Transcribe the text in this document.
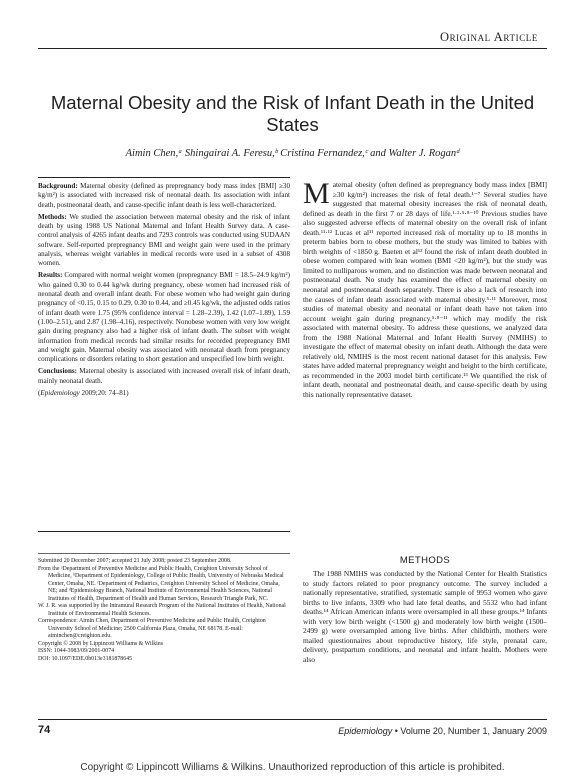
Original Article
Maternal Obesity and the Risk of Infant Death in the United States
Aimin Chen,ᵃ Shingairai A. Feresu,ᵇ Cristina Fernandez,ᶜ and Walter J. Roganᵈ

Background: Maternal obesity (defined as prepregnancy body mass index [BMI] ≥30 kg/m²) is associated with increased risk of neonatal death. Its association with infant death, postneonatal death, and cause-specific infant death is less well-characterized.

Methods: We studied the association between maternal obesity and the risk of infant death by using 1988 US National Maternal and Infant Health Survey data. A case-control analysis of 4265 infant deaths and 7293 controls was conducted using SUDAAN software. Self-reported prepregnancy BMI and weight gain were used in the primary analysis, whereas weight variables in medical records were used in a subset of 4308 women.

Results: Compared with normal weight women (prepregnancy BMI = 18.5–24.9 kg/m²) who gained 0.30 to 0.44 kg/wk during pregnancy, obese women had increased risk of neonatal death and overall infant death. For obese women who had weight gain during pregnancy of <0.15, 0.15 to 0.29, 0.30 to 0.44, and ≥0.45 kg/wk, the adjusted odds ratios of infant death were 1.75 (95% confidence interval = 1.28–2.39), 1.42 (1.07–1.89), 1.59 (1.00–2.51), and 2.87 (1.98–4.16), respectively. Nonobese women with very low weight gain during pregnancy also had a higher risk of infant death. The subset with weight information from medical records had similar results for recorded prepregnancy BMI and weight gain. Maternal obesity was associated with neonatal death from pregnancy complications or disorders relating to short gestation and unspecified low birth weight.

Conclusions: Maternal obesity is associated with increased overall risk of infant death, mainly neonatal death.

(Epidemiology 2009;20: 74–81)

Maternal obesity (often defined as prepregnancy body mass index [BMI] ≥30 kg/m²) increases the risk of fetal death.¹⁻⁷ Several studies have suggested that maternal obesity increases the risk of neonatal death, defined as death in the first 7 or 28 days of life.¹·²·⁵·⁸⁻¹⁰ Previous studies have also suggested adverse effects of maternal obesity on the overall risk of infant death.¹¹·¹² Lucas et al¹¹ reported increased risk of mortality up to 18 months in preterm babies born to obese mothers, but the study was limited to babies with birth weights of <1850 g. Baeten et al¹² found the risk of infant death doubled in obese women compared with lean women (BMI <20 kg/m²), but the study was limited to nulliparous women, and no distinction was made between neonatal and postneonatal death. No study has examined the effect of maternal obesity on neonatal and postneonatal death separately. There is also a lack of research into the causes of infant death associated with maternal obesity.⁵·¹¹ Moreover, most studies of maternal obesity and neonatal or infant death have not taken into account weight gain during pregnancy,⁵·⁸⁻¹¹ which may modify the risk associated with maternal obesity. To address these questions, we analyzed data from the 1988 National Maternal and Infant Health Survey (NMIHS) to investigate the effect of maternal obesity on infant death. Although the data were relatively old, NMIHS is the most recent national dataset for this analysis. Few states have added maternal prepregnancy weight and height to the birth certificate, as recommended in the 2003 model birth certificate.¹³ We quantified the risk of infant death, neonatal and postneonatal death, and cause-specific death by using this nationally representative dataset.

METHODS
The 1988 NMIHS was conducted by the National Center for Health Statistics to study factors related to poor pregnancy outcome. The survey included a nationally representative, stratified, systematic sample of 9953 women who gave births to live infants, 3309 who had late fetal deaths, and 5532 who had infant deaths.¹⁴ African American infants were oversampled in all these groups.¹⁴ Infants with very low birth weight (<1500 g) and moderately low birth weight (1500–2499 g) were oversampled among live births. After childbirth, mothers were mailed questionnaires about reproductive history, life style, prenatal care, delivery, postpartum conditions, and neonatal and infant health. Mothers were also

Submitted 20 December 2007; accepted 21 July 2008; posted 23 September 2008.

From the ᵃDepartment of Preventive Medicine and Public Health, Creighton University School of Medicine, ᵇDepartment of Epidemiology, College of Public Health, University of Nebraska Medical Center, Omaha, NE. ᶜDepartment of Pediatrics, Creighton University School of Medicine, Omaha, NE; and ᵈEpidemiology Branch, National Institute of Environmental Health Sciences, National Institutes of Health, Department of Health and Human Services, Research Triangle Park, NC.

W. J. R. was supported by the Intramural Research Program of the National Institutes of Health, National Institute of Environmental Health Sciences.

Correspondence: Aimin Chen, Department of Preventive Medicine and Public Health, Creighton University School of Medicine; 2500 California Plaza, Omaha, NE 68178. E-mail: aiminchen@creighton.edu.

Copyright © 2008 by Lippincott Williams & Wilkins

ISSN: 1044-3983/09/2001-0074

DOI: 10.1097/EDE.0b013e3181878645

74	Epidemiology • Volume 20, Number 1, January 2009
Copyright © Lippincott Williams & Wilkins. Unauthorized reproduction of this article is prohibited.
